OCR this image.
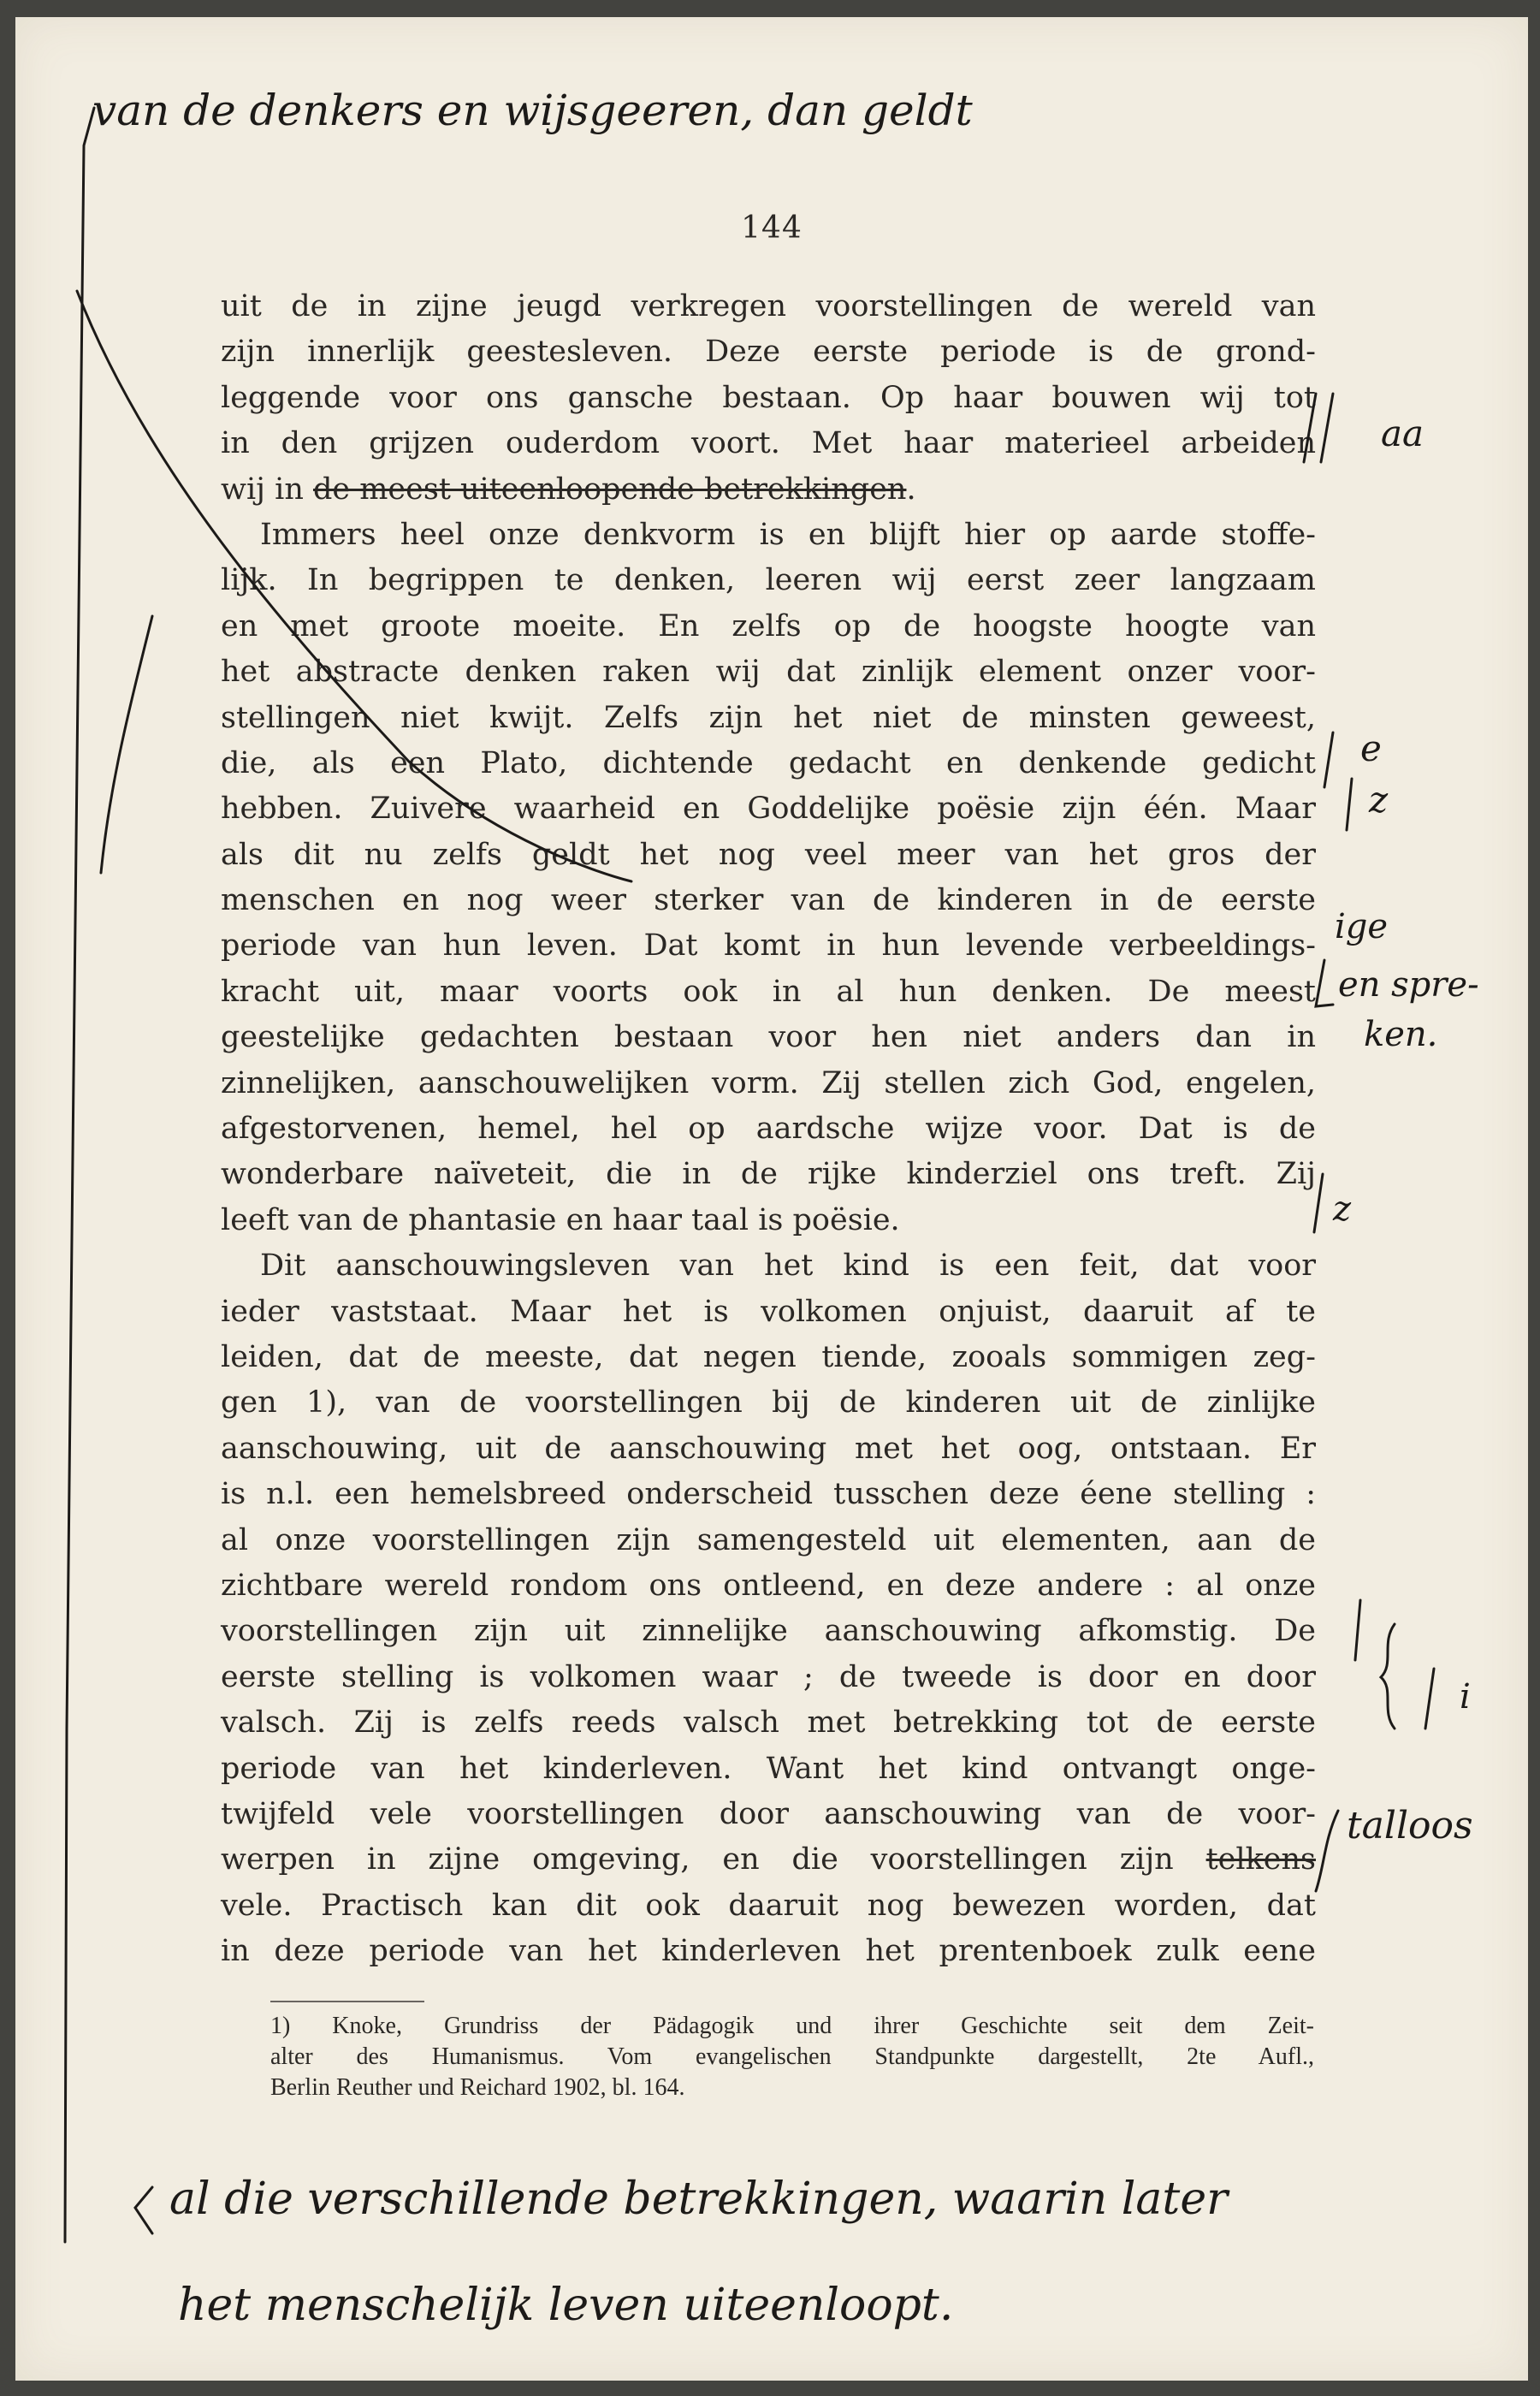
144
uit de in zijne jeugd verkregen voorstellingen de wereld van
zijn innerlijk geestesleven. Deze eerste periode is de grond-
leggende voor ons gansche bestaan. Op haar bouwen wij tot
in den grijzen ouderdom voort. Met haar materieel arbeiden
wij in de meest uiteenloopende betrekkingen.
Immers heel onze denkvorm is en blijft hier op aarde stoffe-
lijk. In begrippen te denken, leeren wij eerst zeer langzaam
en met groote moeite. En zelfs op de hoogste hoogte van
het abstracte denken raken wij dat zinlijk element onzer voor-
stellingen niet kwijt. Zelfs zijn het niet de minsten geweest,
die, als een Plato, dichtende gedacht en denkende gedicht
hebben. Zuivere waarheid en Goddelijke poësie zijn één. Maar
als dit nu zelfs geldt het nog veel meer van het gros der
menschen en nog weer sterker van de kinderen in de eerste
periode van hun leven. Dat komt in hun levende verbeeldings-
kracht uit, maar voorts ook in al hun denken. De meest
geestelijke gedachten bestaan voor hen niet anders dan in
zinnelijken, aanschouwelijken vorm. Zij stellen zich God, engelen,
afgestorvenen, hemel, hel op aardsche wijze voor. Dat is de
wonderbare naïveteit, die in de rijke kinderziel ons treft. Zij
leeft van de phantasie en haar taal is poësie.
Dit aanschouwingsleven van het kind is een feit, dat voor
ieder vaststaat. Maar het is volkomen onjuist, daaruit af te
leiden, dat de meeste, dat negen tiende, zooals sommigen zeg-
gen 1), van de voorstellingen bij de kinderen uit de zinlijke
aanschouwing, uit de aanschouwing met het oog, ontstaan. Er
is n.l. een hemelsbreed onderscheid tusschen deze éene stelling :
al onze voorstellingen zijn samengesteld uit elementen, aan de
zichtbare wereld rondom ons ontleend, en deze andere : al onze
voorstellingen zijn uit zinnelijke aanschouwing afkomstig. De
eerste stelling is volkomen waar ; de tweede is door en door
valsch. Zij is zelfs reeds valsch met betrekking tot de eerste
periode van het kinderleven. Want het kind ontvangt onge-
twijfeld vele voorstellingen door aanschouwing van de voor-
werpen in zijne omgeving, en die voorstellingen zijn telkens
vele. Practisch kan dit ook daaruit nog bewezen worden, dat
in deze periode van het kinderleven het prentenboek zulk eene
1) Knoke, Grundriss der Pädagogik und ihrer Geschichte seit dem Zeit-
alter des Humanismus. Vom evangelischen Standpunkte dargestellt, 2te Aufl.,
Berlin Reuther und Reichard 1902, bl. 164.
van de denkers en wijsgeeren, dan geldt
aa
e
z
ige
en spre-
ken.
z
i
talloos
al die verschillende betrekkingen, waarin later
het menschelijk leven uiteenloopt.
